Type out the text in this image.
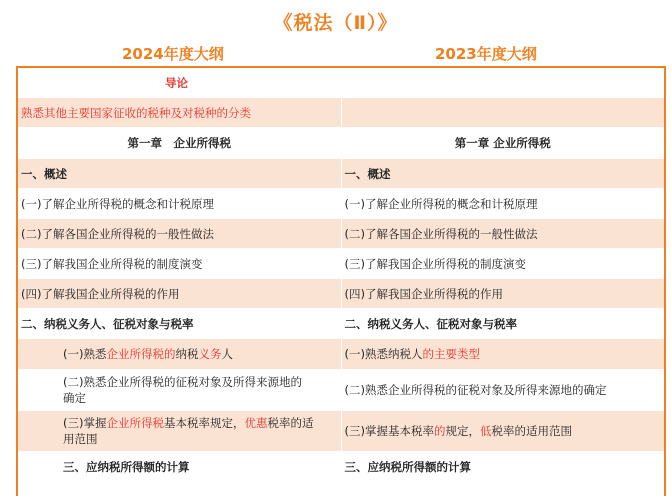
《税法（Ⅱ）》
2024年度大纲	2023年度大纲
导论	
熟悉其他主要国家征收的税种及对税种的分类	
第一章　企业所得税	第一章 企业所得税
一、概述	一、概述
(一)了解企业所得税的概念和计税原理	(一)了解企业所得税的概念和计税原理
(二)了解各国企业所得税的一般性做法	(二)了解各国企业所得税的一般性做法
(三)了解我国企业所得税的制度演变	(三)了解我国企业所得税的制度演变
(四)了解我国企业所得税的作用	(四)了解我国企业所得税的作用
二、纳税义务人、征税对象与税率	二、纳税义务人、征税对象与税率
(一)熟悉企业所得税的纳税义务人	(一)熟悉纳税人的主要类型
(二)熟悉企业所得税的征税对象及所得来源地的确定	(二)熟悉企业所得税的征税对象及所得来源地的确定
(三)掌握企业所得税基本税率规定，优惠税率的适用范围	(三)掌握基本税率的规定，低税率的适用范围
三、应纳税所得额的计算	三、应纳税所得额的计算
